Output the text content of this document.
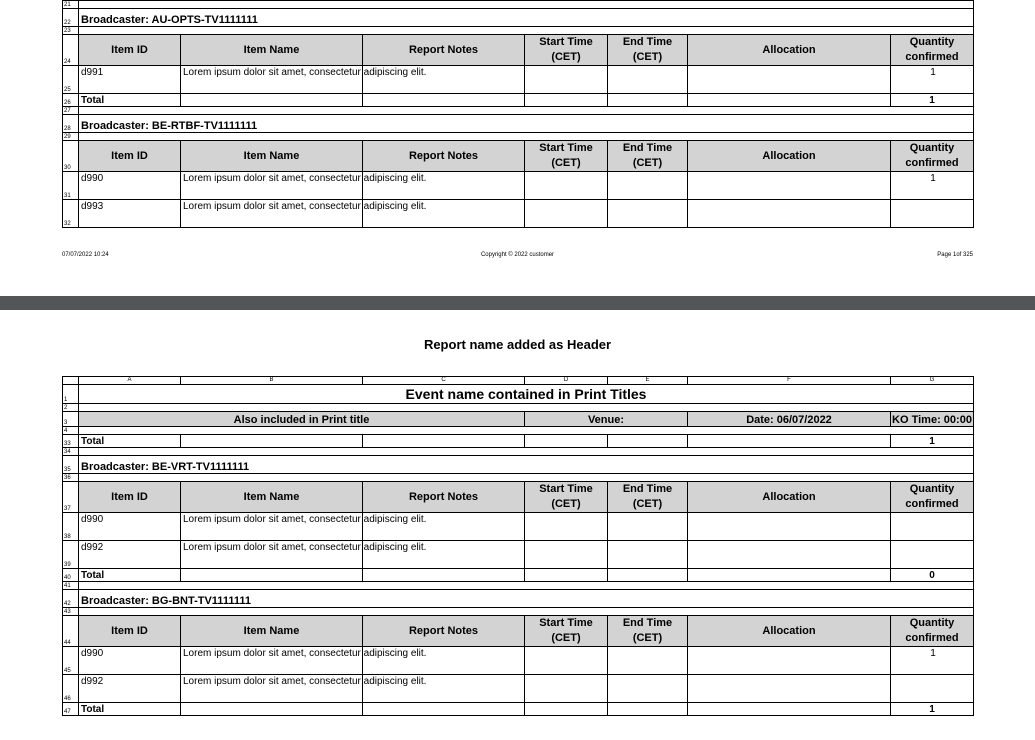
21							
22	Broadcaster: AU-OPTS-TV1111111						
23							
24	Item ID	Item Name	Report Notes	Start Time (CET)	End Time (CET)	Allocation	Quantity confirmed
25	d991	Lorem ipsum dolor sit amet, consectetur adipiscing elit.					1
26	Total						1
27							
28	Broadcaster: BE-RTBF-TV1111111						
29							
30	Item ID	Item Name	Report Notes	Start Time (CET)	End Time (CET)	Allocation	Quantity confirmed
31	d990	Lorem ipsum dolor sit amet, consectetur adipiscing elit.					1
32	d993	Lorem ipsum dolor sit amet, consectetur adipiscing elit.					
07/07/2022 10:24	Copyright © 2022 customer	Page 1of 325
Report name added as Header
	A	B	C	D	E	F	G
1	Event name contained in Print Titles						
2							
3	Also included in Print title			Venue:		Date: 06/07/2022	KO Time: 00:00
4							
33	Total						1
34							
35	Broadcaster: BE-VRT-TV1111111						
36							
37	Item ID	Item Name	Report Notes	Start Time (CET)	End Time (CET)	Allocation	Quantity confirmed
38	d990	Lorem ipsum dolor sit amet, consectetur adipiscing elit.					
39	d992	Lorem ipsum dolor sit amet, consectetur adipiscing elit.					
40	Total						0
41							
42	Broadcaster: BG-BNT-TV1111111						
43							
44	Item ID	Item Name	Report Notes	Start Time (CET)	End Time (CET)	Allocation	Quantity confirmed
45	d990	Lorem ipsum dolor sit amet, consectetur adipiscing elit.					1
46	d992	Lorem ipsum dolor sit amet, consectetur adipiscing elit.					
47	Total						1
